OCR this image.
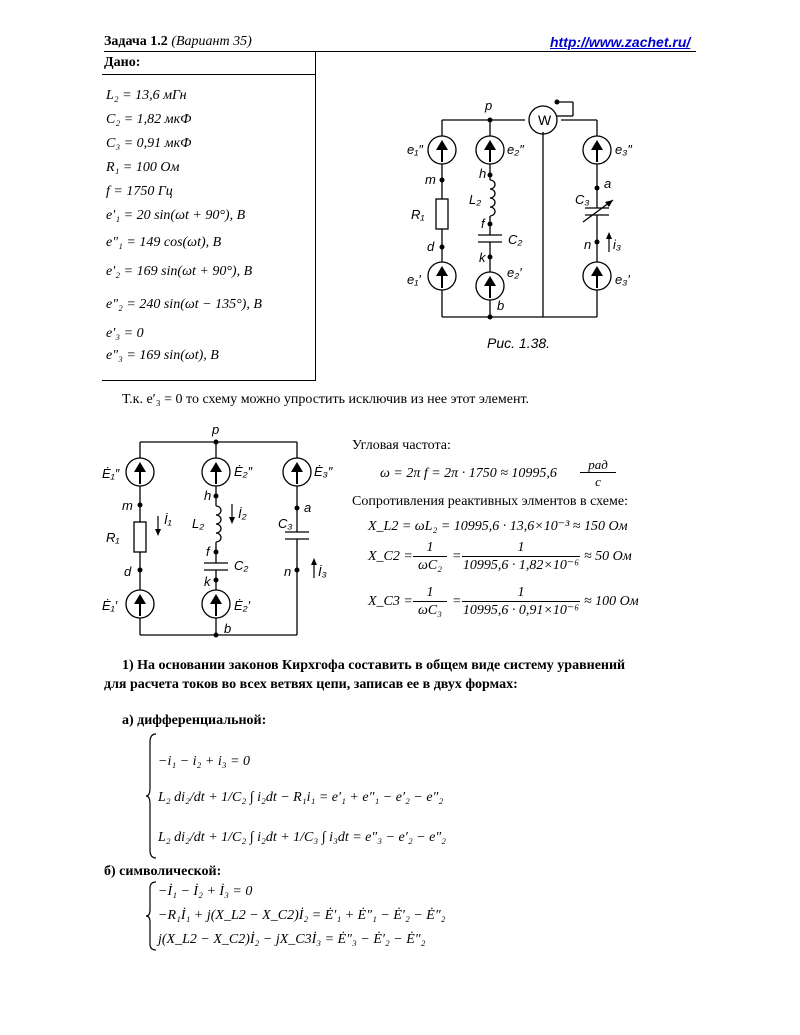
Задача 1.2 (Вариант 35)	http://www.zachet.ru/
Дано:
L₂ = 13,6 мГн
C₂ = 1,82 мкФ
C₃ = 0,91 мкФ
R₁ = 100 Ом
f = 1750 Гц
e′₁ = 20 sin(ωt + 90°), B
e″₁ = 149 cos(ωt), B
e′₂ = 169 sin(ωt + 90°), B
e″₂ = 240 sin(ωt − 135°), B
e′₃ = 0
e″₃ = 169 sin(ωt), B
p
b
m
d
h
f
k
a
n
e₁″
e₁′
e₂″
e₂′
e₃″
e₃′
R₁
L₂
C₂
C₃
i₃
W
Рис. 1.38.
Т.к. e′₃ = 0 то схему можно упростить исключив из нее этот элемент.
p
b
m
d
h
f
k
a
n
Ė₁″
Ė₁′
Ė₂″
Ė₂′
Ė₃″
R₁
L₂
C₂
C₃
İ₁	İ₂
İ₃
Угловая частота:
ω = 2π f = 2π · 1750 ≈ 10995,6
рад
с
Сопротивления реактивных элментов в схеме:
X_L2 = ωL₂ = 10995,6 · 13,6×10⁻³ ≈ 150 Ом
X_C2 =
1
ωC₂
=
1
10995,6 · 1,82×10⁻⁶
≈ 50 Ом
X_C3 =
1
ωC₃
=
1
10995,6 · 0,91×10⁻⁶
≈ 100 Ом
1) На основании законов Кирхгофа составить в общем виде систему уравнений
для расчета токов во всех ветвях цепи, записав ее в двух формах:
а) дифференциальной:
−i₁ − i₂ + i₃ = 0
L₂ di₂/dt + 1/C₂ ∫ i₂dt − R₁i₁ = e′₁ + e″₁ − e′₂ − e″₂
L₂ di₂/dt + 1/C₂ ∫ i₂dt + 1/C₃ ∫ i₃dt = e″₃ − e′₂ − e″₂
б) символической:
−İ₁ − İ₂ + İ₃ = 0
−R₁İ₁ + j(X_L2 − X_C2)İ₂ = Ė′₁ + Ė″₁ − Ė′₂ − Ė″₂
j(X_L2 − X_C2)İ₂ − jX_C3İ₃ = Ė″₃ − Ė′₂ − Ė″₂
